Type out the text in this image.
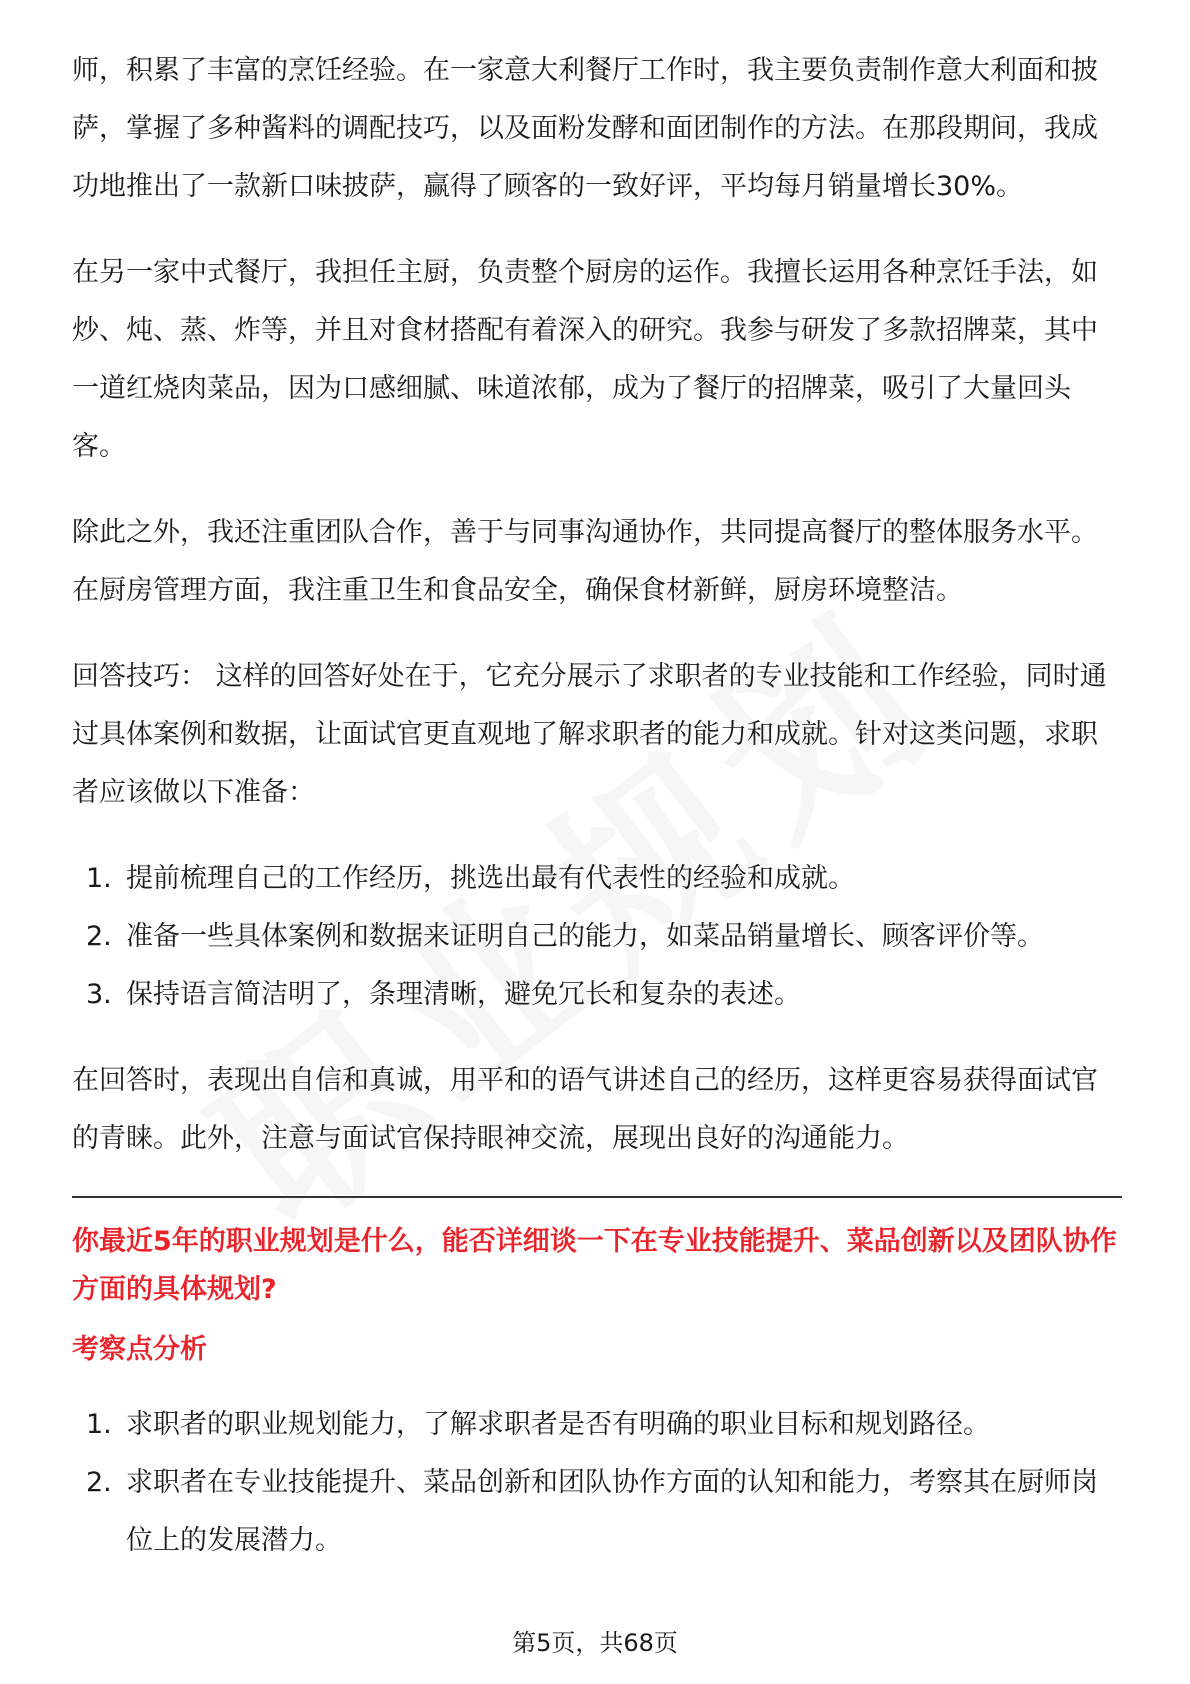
师，积累了丰富的烹饪经验。在一家意大利餐厅工作时，我主要负责制作意大利面和披萨，掌握了多种酱料的调配技巧，以及面粉发酵和面团制作的方法。在那段期间，我成功地推出了一款新口味披萨，赢得了顾客的一致好评，平均每月销量增长30%。

在另一家中式餐厅，我担任主厨，负责整个厨房的运作。我擅长运用各种烹饪手法，如炒、炖、蒸、炸等，并且对食材搭配有着深入的研究。我参与研发了多款招牌菜，其中一道红烧肉菜品，因为口感细腻、味道浓郁，成为了餐厅的招牌菜，吸引了大量回头客。

除此之外，我还注重团队合作，善于与同事沟通协作，共同提高餐厅的整体服务水平。在厨房管理方面，我注重卫生和食品安全，确保食材新鲜，厨房环境整洁。

回答技巧： 这样的回答好处在于，它充分展示了求职者的专业技能和工作经验，同时通过具体案例和数据，让面试官更直观地了解求职者的能力和成就。针对这类问题，求职者应该做以下准备：

1. 提前梳理自己的工作经历，挑选出最有代表性的经验和成就。
2. 准备一些具体案例和数据来证明自己的能力，如菜品销量增长、顾客评价等。
3. 保持语言简洁明了，条理清晰，避免冗长和复杂的表述。

在回答时，表现出自信和真诚，用平和的语气讲述自己的经历，这样更容易获得面试官的青睐。此外，注意与面试官保持眼神交流，展现出良好的沟通能力。

你最近5年的职业规划是什么，能否详细谈一下在专业技能提升、菜品创新以及团队协作方面的具体规划?
考察点分析
1. 求职者的职业规划能力，了解求职者是否有明确的职业目标和规划路径。
2. 求职者在专业技能提升、菜品创新和团队协作方面的认知和能力，考察其在厨师岗位上的发展潜力。
第5页，共68页
